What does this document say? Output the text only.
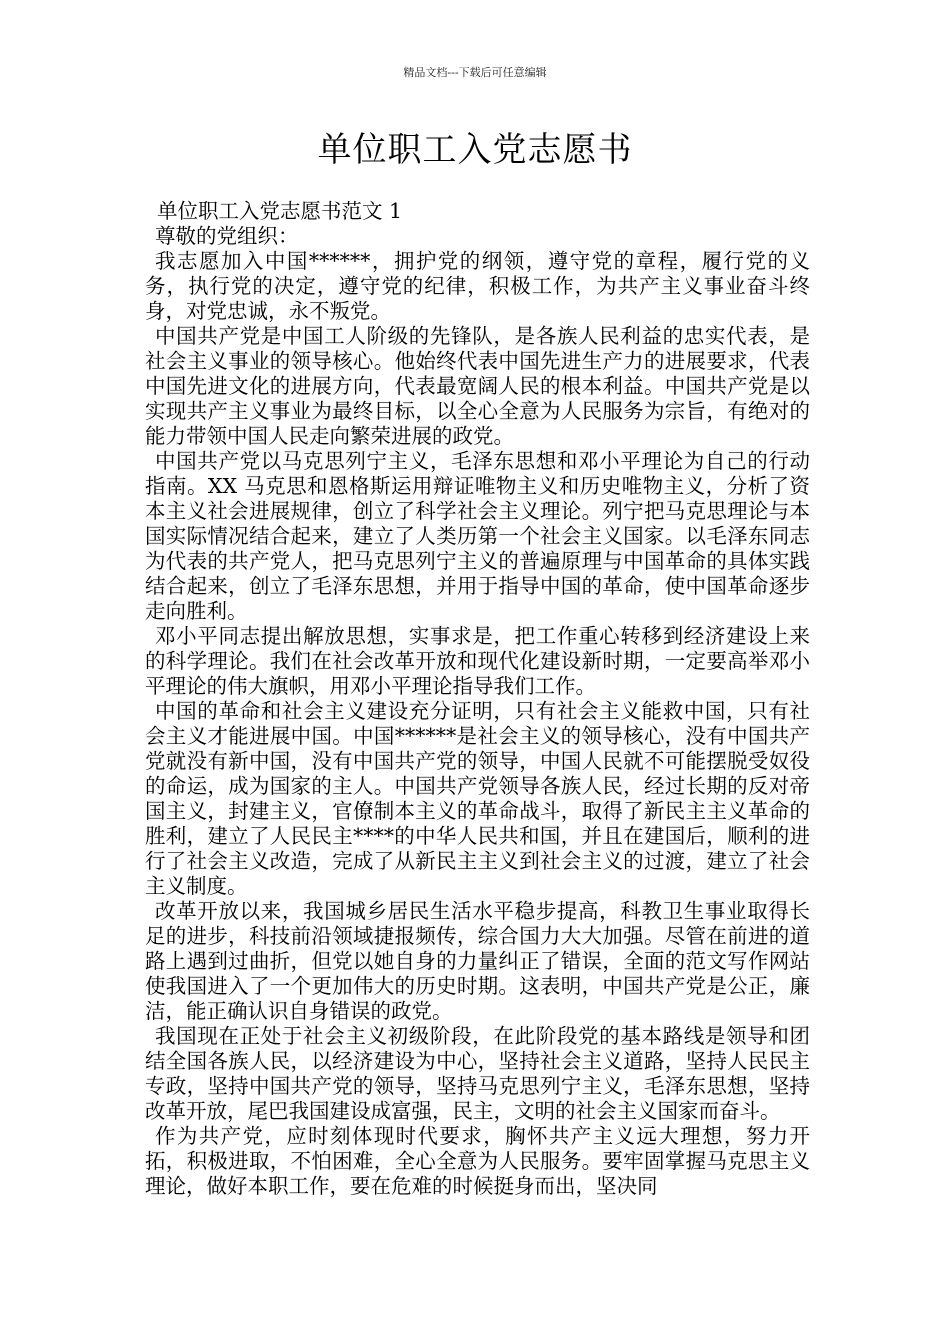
精品文档---下载后可任意编辑
单位职工入党志愿书

单位职工入党志愿书范文 1

尊敬的党组织：

我志愿加入中国******，拥护党的纲领，遵守党的章程，履行党的义务，执行党的决定，遵守党的纪律，积极工作，为共产主义事业奋斗终身，对党忠诚，永不叛党。

中国共产党是中国工人阶级的先锋队，是各族人民利益的忠实代表，是社会主义事业的领导核心。他始终代表中国先进生产力的进展要求，代表中国先进文化的进展方向，代表最宽阔人民的根本利益。中国共产党是以实现共产主义事业为最终目标，以全心全意为人民服务为宗旨，有绝对的能力带领中国人民走向繁荣进展的政党。

中国共产党以马克思列宁主义，毛泽东思想和邓小平理论为自己的行动指南。XX 马克思和恩格斯运用辩证唯物主义和历史唯物主义，分析了资本主义社会进展规律，创立了科学社会主义理论。列宁把马克思理论与本国实际情况结合起来，建立了人类历第一个社会主义国家。以毛泽东同志为代表的共产党人，把马克思列宁主义的普遍原理与中国革命的具体实践结合起来，创立了毛泽东思想，并用于指导中国的革命，使中国革命逐步走向胜利。

邓小平同志提出解放思想，实事求是，把工作重心转移到经济建设上来的科学理论。我们在社会改革开放和现代化建设新时期，一定要高举邓小平理论的伟大旗帜，用邓小平理论指导我们工作。

中国的革命和社会主义建设充分证明，只有社会主义能救中国，只有社会主义才能进展中国。中国******是社会主义的领导核心，没有中国共产党就没有新中国，没有中国共产党的领导，中国人民就不可能摆脱受奴役的命运，成为国家的主人。中国共产党领导各族人民，经过长期的反对帝国主义，封建主义，官僚制本主义的革命战斗，取得了新民主主义革命的胜利，建立了人民民主****的中华人民共和国，并且在建国后，顺利的进行了社会主义改造，完成了从新民主主义到社会主义的过渡，建立了社会主义制度。

改革开放以来，我国城乡居民生活水平稳步提高，科教卫生事业取得长足的进步，科技前沿领域捷报频传，综合国力大大加强。尽管在前进的道路上遇到过曲折，但党以她自身的力量纠正了错误，全面的范文写作网站使我国进入了一个更加伟大的历史时期。这表明，中国共产党是公正，廉洁，能正确认识自身错误的政党。

我国现在正处于社会主义初级阶段，在此阶段党的基本路线是领导和团结全国各族人民，以经济建设为中心，坚持社会主义道路，坚持人民民主专政，坚持中国共产党的领导，坚持马克思列宁主义，毛泽东思想，坚持改革开放，尾巴我国建设成富强，民主，文明的社会主义国家而奋斗。

作为共产党，应时刻体现时代要求，胸怀共产主义远大理想，努力开拓，积极进取，不怕困难，全心全意为人民服务。要牢固掌握马克思主义理论，做好本职工作，要在危难的时候挺身而出，坚决同
